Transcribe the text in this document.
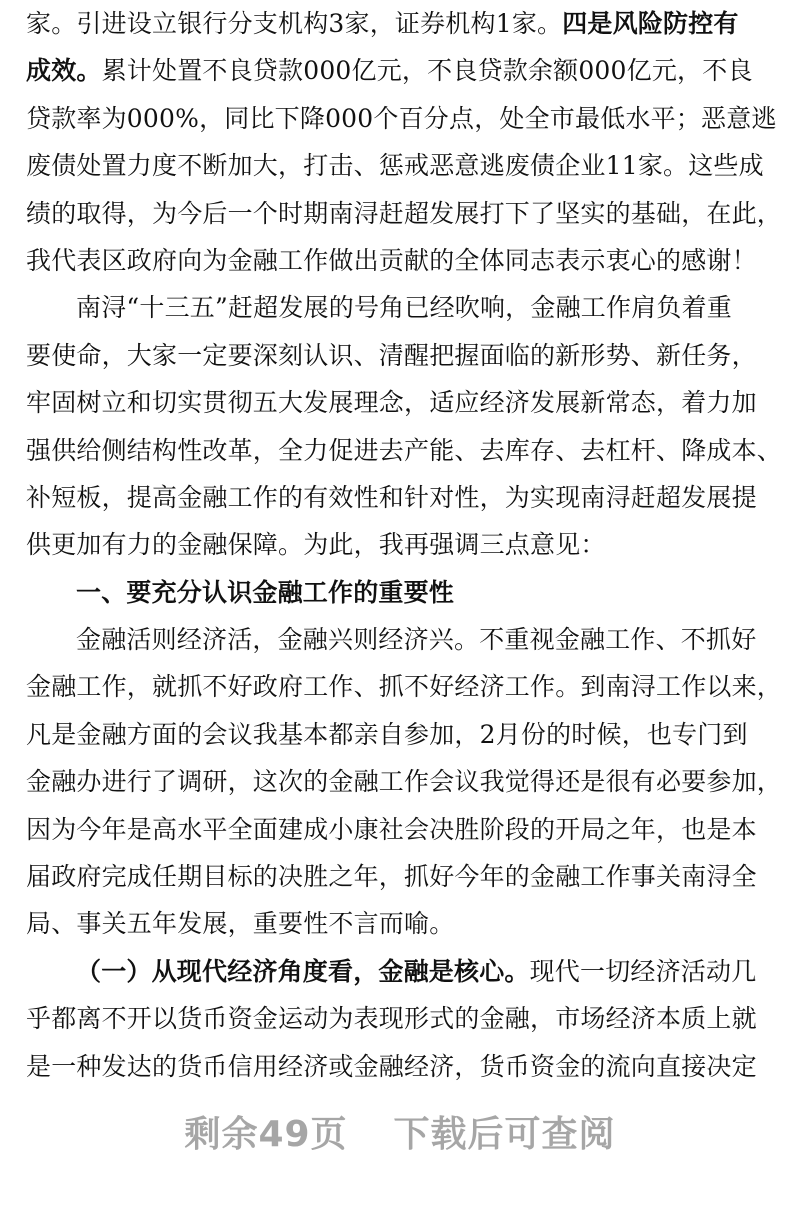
家。引进设立银行分支机构3家，证券机构1家。四是风险防控有
成效。累计处置不良贷款000亿元，不良贷款余额000亿元，不良
贷款率为000%，同比下降000个百分点，处全市最低水平；恶意逃
废债处置力度不断加大，打击、惩戒恶意逃废债企业11家。这些成
绩的取得，为今后一个时期南浔赶超发展打下了坚实的基础，在此，
我代表区政府向为金融工作做出贡献的全体同志表示衷心的感谢！
南浔“十三五”赶超发展的号角已经吹响，金融工作肩负着重
要使命，大家一定要深刻认识、清醒把握面临的新形势、新任务，
牢固树立和切实贯彻五大发展理念，适应经济发展新常态，着力加
强供给侧结构性改革，全力促进去产能、去库存、去杠杆、降成本、
补短板，提高金融工作的有效性和针对性，为实现南浔赶超发展提
供更加有力的金融保障。为此，我再强调三点意见：
一、要充分认识金融工作的重要性
金融活则经济活，金融兴则经济兴。不重视金融工作、不抓好
金融工作，就抓不好政府工作、抓不好经济工作。到南浔工作以来，
凡是金融方面的会议我基本都亲自参加，2月份的时候，也专门到
金融办进行了调研，这次的金融工作会议我觉得还是很有必要参加，
因为今年是高水平全面建成小康社会决胜阶段的开局之年，也是本
届政府完成任期目标的决胜之年，抓好今年的金融工作事关南浔全
局、事关五年发展，重要性不言而喻。
（一）从现代经济角度看，金融是核心。现代一切经济活动几
乎都离不开以货币资金运动为表现形式的金融，市场经济本质上就
是一种发达的货币信用经济或金融经济，货币资金的流向直接决定
剩余49页 下载后可查阅
